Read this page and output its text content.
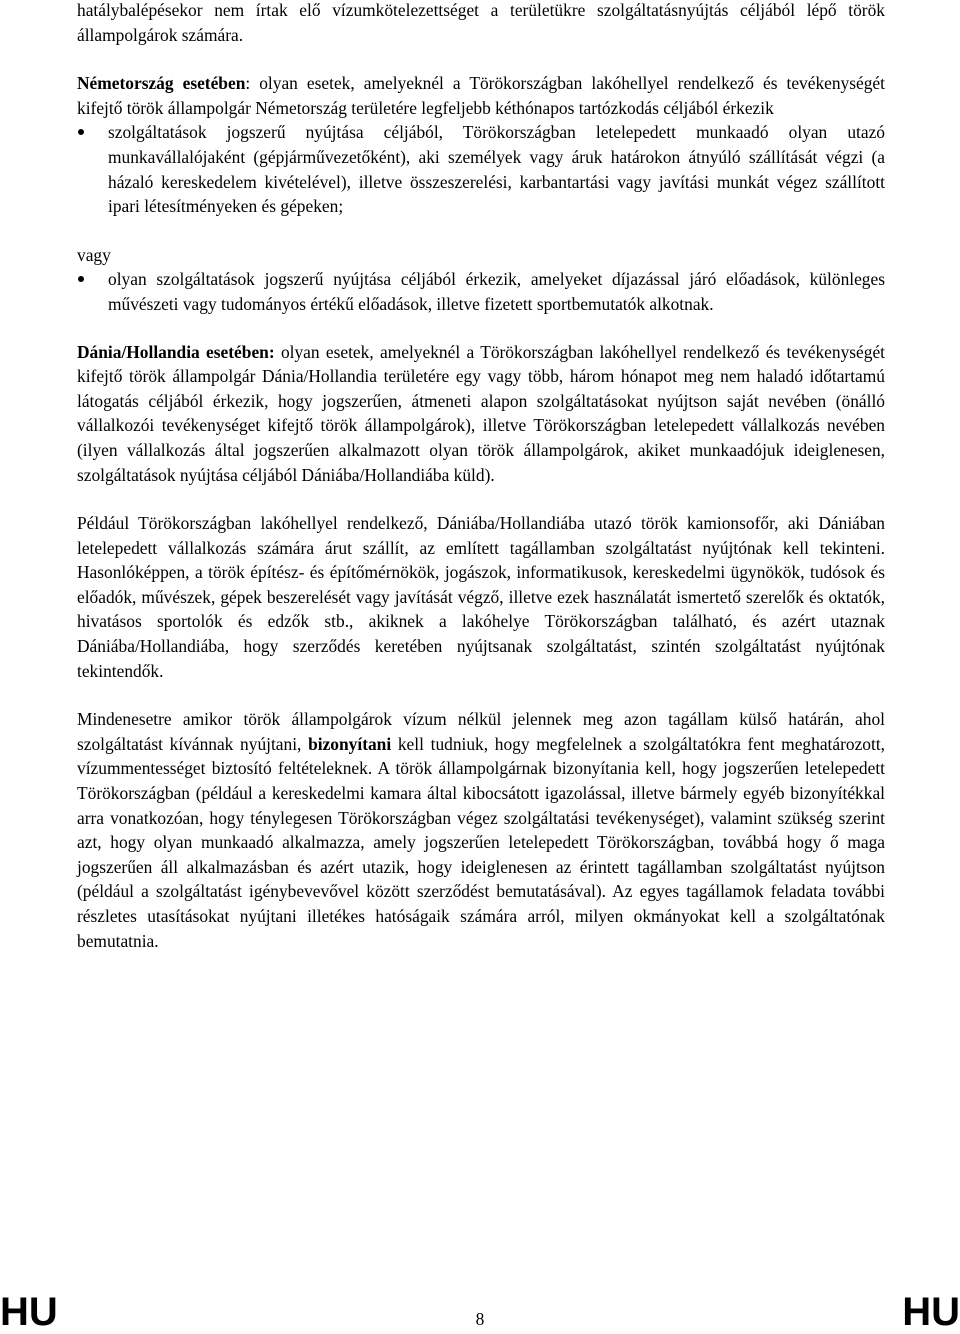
hatálybalépésekor nem írtak elő vízumkötelezettséget a területükre szolgáltatásnyújtás céljából lépő török állampolgárok számára.

Németország esetében: olyan esetek, amelyeknél a Törökországban lakóhellyel rendelkező és tevékenységét kifejtő török állampolgár Németország területére legfeljebb kéthónapos tartózkodás céljából érkezik

szolgáltatások jogszerű nyújtása céljából, Törökországban letelepedett munkaadó olyan utazó munkavállalójaként (gépjárművezetőként), aki személyek vagy áruk határokon átnyúló szállítását végzi (a házaló kereskedelem kivételével), illetve összeszerelési, karbantartási vagy javítási munkát végez szállított ipari létesítményeken és gépeken;

vagy

olyan szolgáltatások jogszerű nyújtása céljából érkezik, amelyeket díjazással járó előadások, különleges művészeti vagy tudományos értékű előadások, illetve fizetett sportbemutatók alkotnak.

Dánia/Hollandia esetében: olyan esetek, amelyeknél a Törökországban lakóhellyel rendelkező és tevékenységét kifejtő török állampolgár Dánia/Hollandia területére egy vagy több, három hónapot meg nem haladó időtartamú látogatás céljából érkezik, hogy jogszerűen, átmeneti alapon szolgáltatásokat nyújtson saját nevében (önálló vállalkozói tevékenységet kifejtő török állampolgárok), illetve Törökországban letelepedett vállalkozás nevében (ilyen vállalkozás által jogszerűen alkalmazott olyan török állampolgárok, akiket munkaadójuk ideiglenesen, szolgáltatások nyújtása céljából Dániába/Hollandiába küld).

Például Törökországban lakóhellyel rendelkező, Dániába/Hollandiába utazó török kamionsofőr, aki Dániában letelepedett vállalkozás számára árut szállít, az említett tagállamban szolgáltatást nyújtónak kell tekinteni. Hasonlóképpen, a török építész- és építőmérnökök, jogászok, informatikusok, kereskedelmi ügynökök, tudósok és előadók, művészek, gépek beszerelését vagy javítását végző, illetve ezek használatát ismertető szerelők és oktatók, hivatásos sportolók és edzők stb., akiknek a lakóhelye Törökországban található, és azért utaznak Dániába/Hollandiába, hogy szerződés keretében nyújtsanak szolgáltatást, szintén szolgáltatást nyújtónak tekintendők.

Mindenesetre amikor török állampolgárok vízum nélkül jelennek meg azon tagállam külső határán, ahol szolgáltatást kívánnak nyújtani, bizonyítani kell tudniuk, hogy megfelelnek a szolgáltatókra fent meghatározott, vízummentességet biztosító feltételeknek. A török állampolgárnak bizonyítania kell, hogy jogszerűen letelepedett Törökországban (például a kereskedelmi kamara által kibocsátott igazolással, illetve bármely egyéb bizonyítékkal arra vonatkozóan, hogy ténylegesen Törökországban végez szolgáltatási tevékenységet), valamint szükség szerint azt, hogy olyan munkaadó alkalmazza, amely jogszerűen letelepedett Törökországban, továbbá hogy ő maga jogszerűen áll alkalmazásban és azért utazik, hogy ideiglenesen az érintett tagállamban szolgáltatást nyújtson (például a szolgáltatást igénybevevővel között szerződést bemutatásával). Az egyes tagállamok feladata további részletes utasításokat nyújtani illetékes hatóságaik számára arról, milyen okmányokat kell a szolgáltatónak bemutatnia.

HU	8	HU
